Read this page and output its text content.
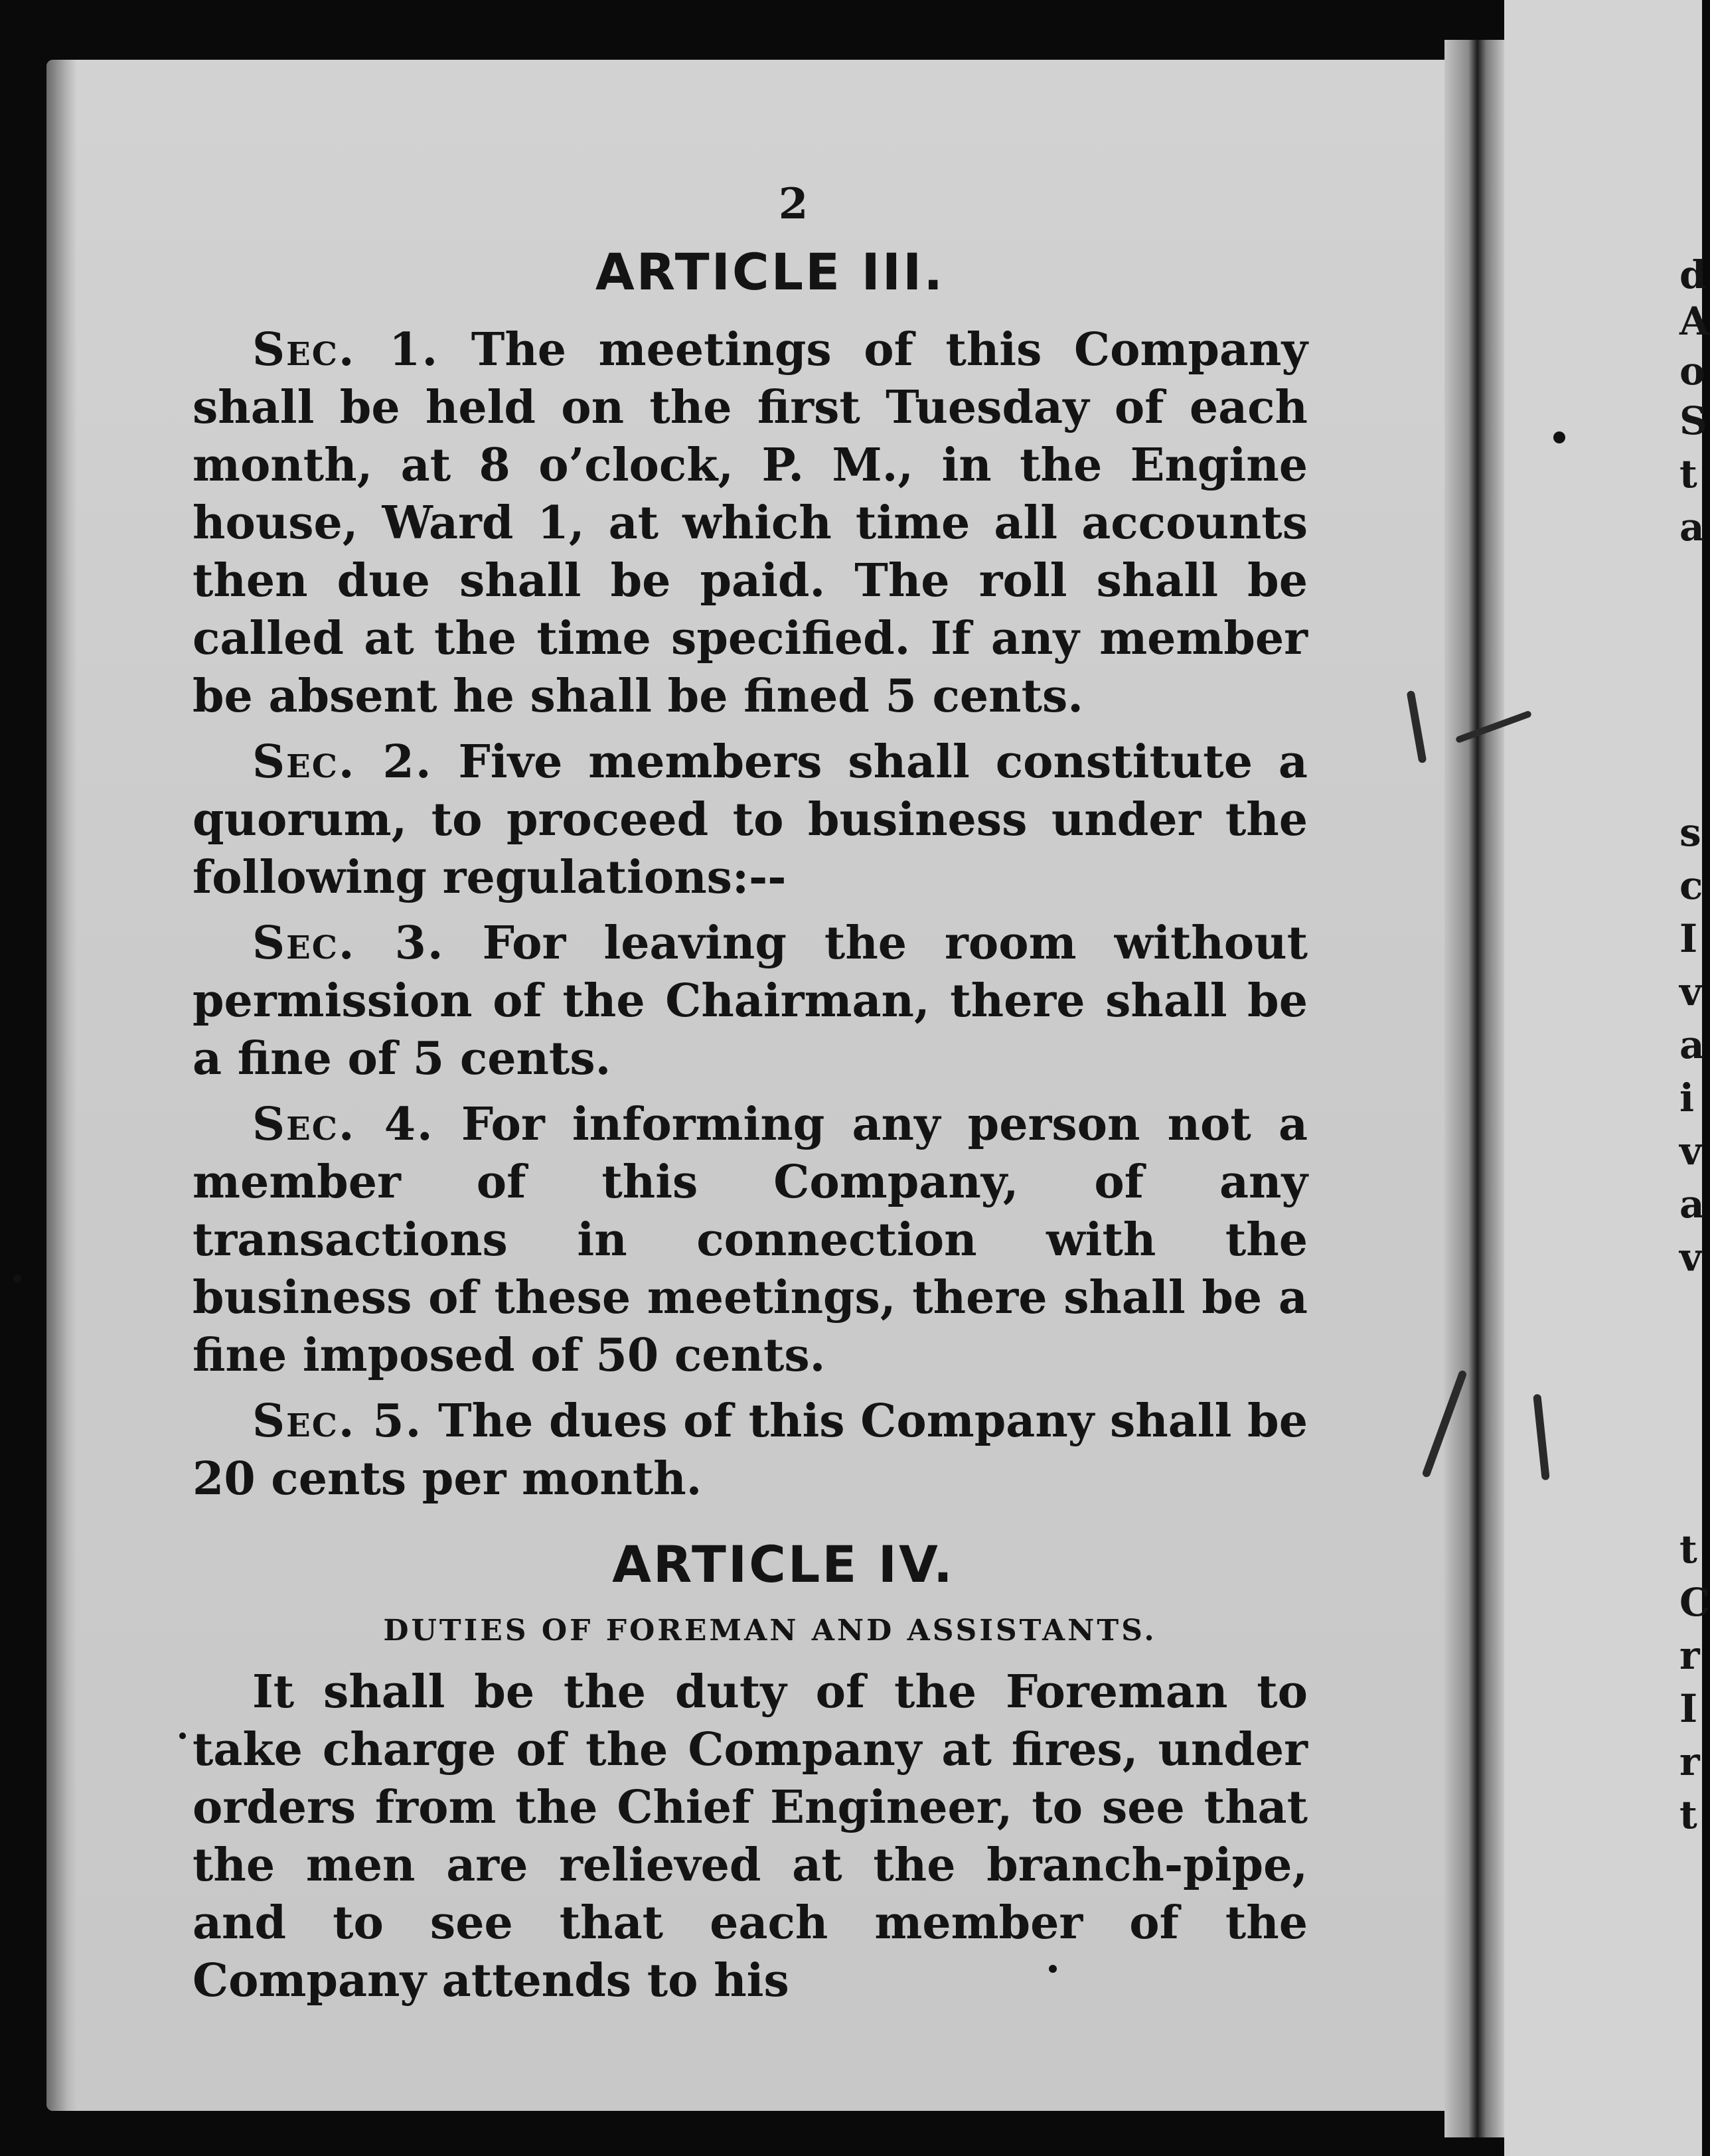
d
A
o
S
t
a
s
c
I
v
a
i
v
a
v
t
C
r
I
r
t
2
ARTICLE III.

Sec. 1. The meetings of this Company shall be held on the first Tuesday of each month, at 8 o’clock, P. M., in the Engine house, Ward 1, at which time all accounts then due shall be paid. The roll shall be called at the time specified. If any member be absent he shall be fined 5 cents.

Sec. 2. Five members shall constitute a quorum, to proceed to business under the following regulations:--

Sec. 3. For leaving the room without permission of the Chairman, there shall be a fine of 5 cents.

Sec. 4. For informing any person not a member of this Company, of any transactions in connection with the business of these meetings, there shall be a fine imposed of 50 cents.

Sec. 5. The dues of this Company shall be 20 cents per month.

ARTICLE IV.
DUTIES OF FOREMAN AND ASSISTANTS.

It shall be the duty of the Foreman to take charge of the Company at fires, under orders from the Chief Engineer, to see that the men are relieved at the branch-pipe, and to see that each member of the Company attends to his
